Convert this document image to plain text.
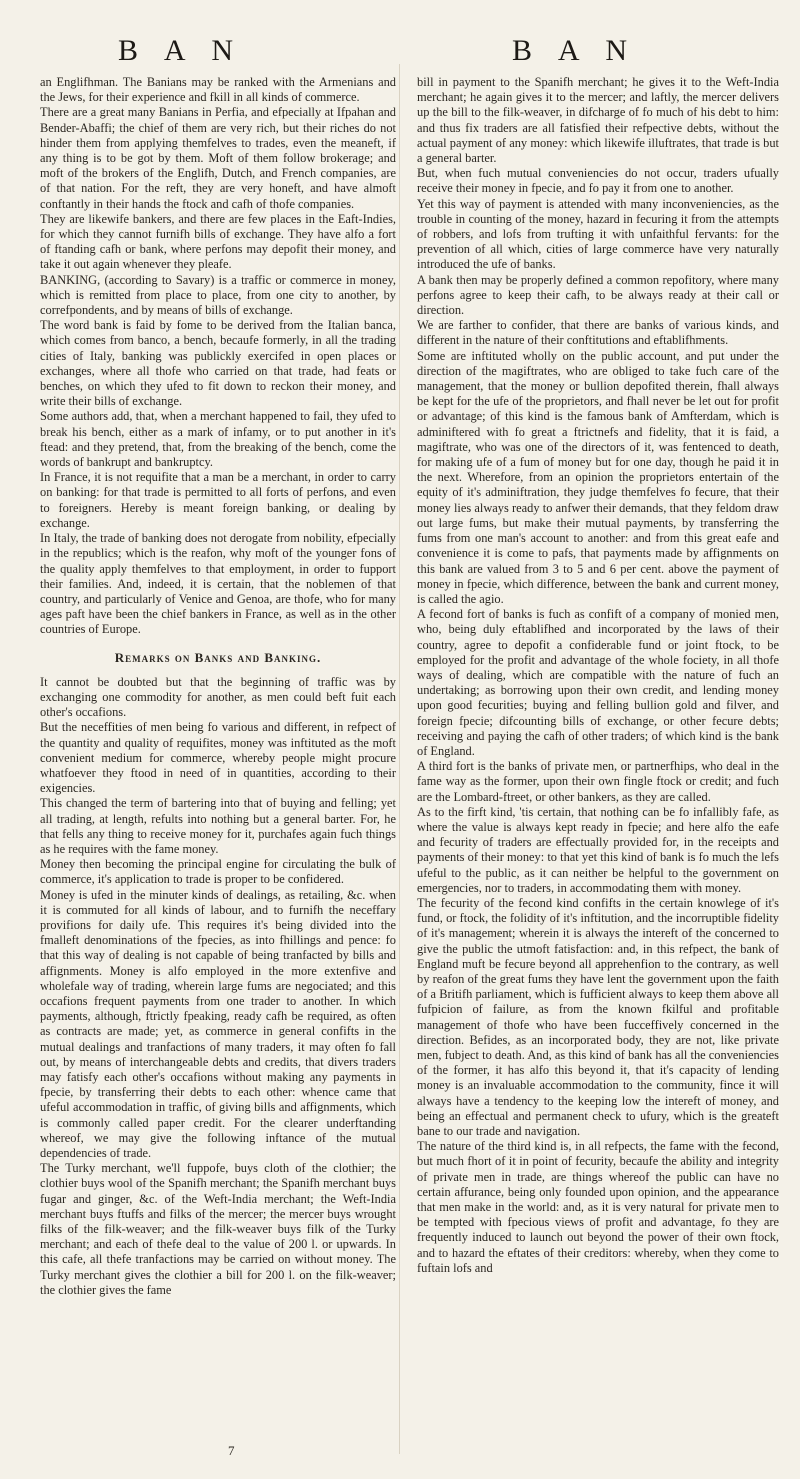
B A N	B A N

an Englifhman. The Banians may be ranked with the Armenians and the Jews, for their experience and fkill in all kinds of commerce.

There are a great many Banians in Perfia, and efpecially at Ifpahan and Bender-Abaffi; the chief of them are very rich, but their riches do not hinder them from applying themfelves to trades, even the meaneft, if any thing is to be got by them. Moft of them follow brokerage; and moft of the brokers of the Englifh, Dutch, and French companies, are of that nation. For the reft, they are very honeft, and have almoft conftantly in their hands the ftock and cafh of thofe companies.

They are likewife bankers, and there are few places in the Eaft-Indies, for which they cannot furnifh bills of exchange. They have alfo a fort of ftanding cafh or bank, where perfons may depofit their money, and take it out again whenever they pleafe.

BANKING, (according to Savary) is a traffic or commerce in money, which is remitted from place to place, from one city to another, by correfpondents, and by means of bills of exchange.

The word bank is faid by fome to be derived from the Italian banca, which comes from banco, a bench, becaufe formerly, in all the trading cities of Italy, banking was publickly exercifed in open places or exchanges, where all thofe who carried on that trade, had feats or benches, on which they ufed to fit down to reckon their money, and write their bills of exchange.

Some authors add, that, when a merchant happened to fail, they ufed to break his bench, either as a mark of infamy, or to put another in it's ftead: and they pretend, that, from the breaking of the bench, come the words of bankrupt and bankruptcy.

In France, it is not requifite that a man be a merchant, in order to carry on banking: for that trade is permitted to all forts of perfons, and even to foreigners. Hereby is meant foreign banking, or dealing by exchange.

In Italy, the trade of banking does not derogate from nobility, efpecially in the republics; which is the reafon, why moft of the younger fons of the quality apply themfelves to that employment, in order to fupport their families. And, indeed, it is certain, that the noblemen of that country, and particularly of Venice and Genoa, are thofe, who for many ages paft have been the chief bankers in France, as well as in the other countries of Europe.

Remarks on Banks and Banking.

It cannot be doubted but that the beginning of traffic was by exchanging one commodity for another, as men could beft fuit each other's occafions.

But the neceffities of men being fo various and different, in refpect of the quantity and quality of requifites, money was inftituted as the moft convenient medium for commerce, whereby people might procure whatfoever they ftood in need of in quantities, according to their exigencies.

This changed the term of bartering into that of buying and felling; yet all trading, at length, refults into nothing but a general barter. For, he that fells any thing to receive money for it, purchafes again fuch things as he requires with the fame money.

Money then becoming the principal engine for circulating the bulk of commerce, it's application to trade is proper to be confidered.

Money is ufed in the minuter kinds of dealings, as retailing, &c. when it is commuted for all kinds of labour, and to furnifh the neceffary provifions for daily ufe. This requires it's being divided into the fmalleft denominations of the fpecies, as into fhillings and pence: fo that this way of dealing is not capable of being tranfacted by bills and affignments. Money is alfo employed in the more extenfive and wholefale way of trading, wherein large fums are negociated; and this occafions frequent payments from one trader to another. In which payments, although, ftrictly fpeaking, ready cafh be required, as often as contracts are made; yet, as commerce in general confifts in the mutual dealings and tranfactions of many traders, it may often fo fall out, by means of interchangeable debts and credits, that divers traders may fatisfy each other's occafions without making any payments in fpecie, by transferring their debts to each other: whence came that ufeful accommodation in traffic, of giving bills and affignments, which is commonly called paper credit. For the clearer underftanding whereof, we may give the following inftance of the mutual dependencies of trade.

The Turky merchant, we'll fuppofe, buys cloth of the clothier; the clothier buys wool of the Spanifh merchant; the Spanifh merchant buys fugar and ginger, &c. of the Weft-India merchant; the Weft-India merchant buys ftuffs and filks of the mercer; the mercer buys wrought filks of the filk-weaver; and the filk-weaver buys filk of the Turky merchant; and each of thefe deal to the value of 200 l. or upwards. In this cafe, all thefe tranfactions may be carried on without money. The Turky merchant gives the clothier a bill for 200 l. on the filk-weaver; the clothier gives the fame

bill in payment to the Spanifh merchant; he gives it to the Weft-India merchant; he again gives it to the mercer; and laftly, the mercer delivers up the bill to the filk-weaver, in difcharge of fo much of his debt to him: and thus fix traders are all fatisfied their refpective debts, without the actual payment of any money: which likewife illuftrates, that trade is but a general barter.

But, when fuch mutual conveniencies do not occur, traders ufually receive their money in fpecie, and fo pay it from one to another.

Yet this way of payment is attended with many inconveniencies, as the trouble in counting of the money, hazard in fecuring it from the attempts of robbers, and lofs from trufting it with unfaithful fervants: for the prevention of all which, cities of large commerce have very naturally introduced the ufe of banks.

A bank then may be properly defined a common repofitory, where many perfons agree to keep their cafh, to be always ready at their call or direction.

We are farther to confider, that there are banks of various kinds, and different in the nature of their conftitutions and eftablifhments.

Some are inftituted wholly on the public account, and put under the direction of the magiftrates, who are obliged to take fuch care of the management, that the money or bullion depofited therein, fhall always be kept for the ufe of the proprietors, and fhall never be let out for profit or advantage; of this kind is the famous bank of Amfterdam, which is adminiftered with fo great a ftrictnefs and fidelity, that it is faid, a magiftrate, who was one of the directors of it, was fentenced to death, for making ufe of a fum of money but for one day, though he paid it in the next. Wherefore, from an opinion the proprietors entertain of the equity of it's adminiftration, they judge themfelves fo fecure, that their money lies always ready to anfwer their demands, that they feldom draw out large fums, but make their mutual payments, by transferring the fums from one man's account to another: and from this great eafe and convenience it is come to pafs, that payments made by affignments on this bank are valued from 3 to 5 and 6 per cent. above the payment of money in fpecie, which difference, between the bank and current money, is called the agio.

A fecond fort of banks is fuch as confift of a company of monied men, who, being duly eftablifhed and incorporated by the laws of their country, agree to depofit a confiderable fund or joint ftock, to be employed for the profit and advantage of the whole fociety, in all thofe ways of dealing, which are compatible with the nature of fuch an undertaking; as borrowing upon their own credit, and lending money upon good fecurities; buying and felling bullion gold and filver, and foreign fpecie; difcounting bills of exchange, or other fecure debts; receiving and paying the cafh of other traders; of which kind is the bank of England.

A third fort is the banks of private men, or partnerfhips, who deal in the fame way as the former, upon their own fingle ftock or credit; and fuch are the Lombard-ftreet, or other bankers, as they are called.

As to the firft kind, 'tis certain, that nothing can be fo infallibly fafe, as where the value is always kept ready in fpecie; and here alfo the eafe and fecurity of traders are effectually provided for, in the receipts and payments of their money: to that yet this kind of bank is fo much the lefs ufeful to the public, as it can neither be helpful to the government on emergencies, nor to traders, in accommodating them with money.

The fecurity of the fecond kind confifts in the certain knowlege of it's fund, or ftock, the folidity of it's inftitution, and the incorruptible fidelity of it's management; wherein it is always the intereft of the concerned to give the public the utmoft fatisfaction: and, in this refpect, the bank of England muft be fecure beyond all apprehenfion to the contrary, as well by reafon of the great fums they have lent the government upon the faith of a Britifh parliament, which is fufficient always to keep them above all fufpicion of failure, as from the known fkilful and profitable management of thofe who have been fucceffively concerned in the direction. Befides, as an incorporated body, they are not, like private men, fubject to death. And, as this kind of bank has all the conveniencies of the former, it has alfo this beyond it, that it's capacity of lending money is an invaluable accommodation to the community, fince it will always have a tendency to the keeping low the intereft of money, and being an effectual and permanent check to ufury, which is the greateft bane to our trade and navigation.

The nature of the third kind is, in all refpects, the fame with the fecond, but much fhort of it in point of fecurity, becaufe the ability and integrity of private men in trade, are things whereof the public can have no certain affurance, being only founded upon opinion, and the appearance that men make in the world: and, as it is very natural for private men to be tempted with fpecious views of profit and advantage, fo they are frequently induced to launch out beyond the power of their own ftock, and to hazard the eftates of their creditors: whereby, when they come to fuftain lofs and

7
